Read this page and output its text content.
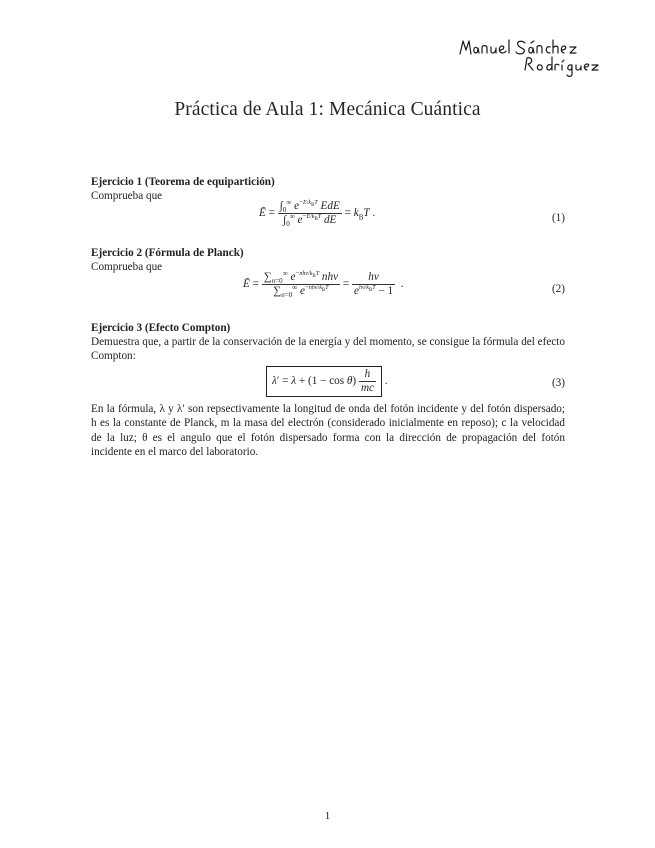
Práctica de Aula 1: Mecánica Cuántica

Ejercicio 1 (Teorema de equipartición)

Comprueba que

Ē = $\frac{\int_0^\infty e^{-E/k_BT} EdE}{\int_0^\infty e^{-E/k_BT} dE} = k_BT$ .	(1)

Ejercicio 2 (Fórmula de Planck)

Comprueba que

Ē = $\frac{\sum_{n=0}^\infty e^{-nh\nu/k_BT} nh\nu}{\sum_{n=0}^\infty e^{-nh\nu/k_BT}} = \frac{h\nu}{e^{h\nu/k_BT} - 1}$ .	(2)

Ejercicio 3 (Efecto Compton)

Demuestra que, a partir de la conservación de la energía y del momento, se consigue la fórmula del efecto Compton:

$\lambda' = \lambda + (1 - \cos \theta) \frac{h}{mc}$ .	(3)

En la fórmula, λ y λ′ son repsectivamente la longitud de onda del fotón incidente y del fotón dispersado; h es la constante de Planck, m la masa del electrón (considerado inicialmente en reposo); c la velocidad de la luz; θ es el angulo que el fotón dispersado forma con la dirección de propagación del fotón incidente en el marco del laboratorio.

1
